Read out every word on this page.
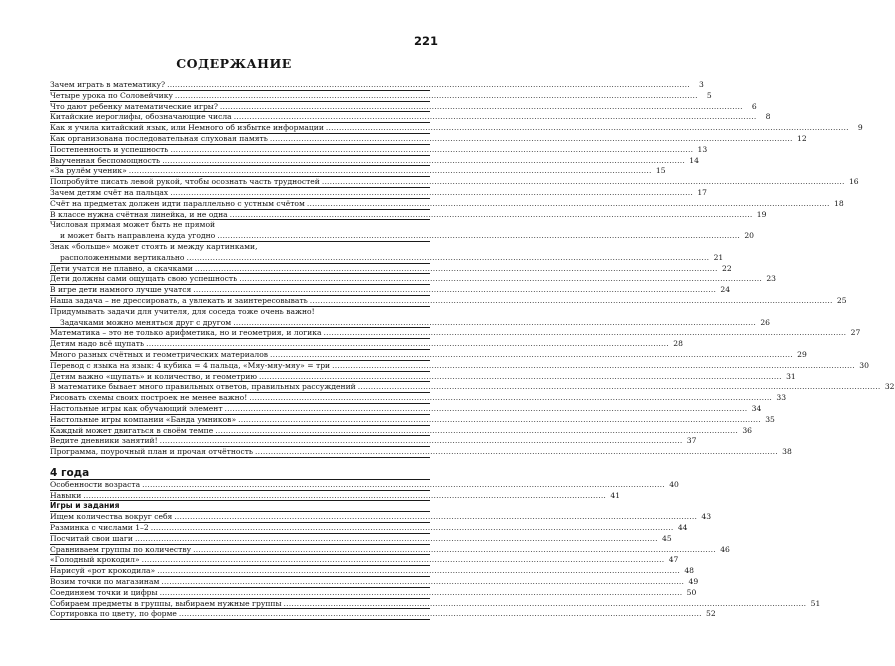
221
СОДЕРЖАНИЕ
Зачем играть в математику? .....	3
Четыре урока по Соловейчику .....	5
Что дают ребенку математические игры? .....	6
Китайские иероглифы, обозначающие числа .....	8
Как я учила китайский язык, или Немного об избытке информации .....	9
Как организована последовательная слуховая память .....	12
Постепенность и успешность .....	13
Выученная беспомощность .....	14
«За рулём ученик» .....	15
Попробуйте писать левой рукой, чтобы осознать часть трудностей .....	16
Зачем детям счёт на пальцах .....	17
Счёт на предметах должен идти параллельно с устным счётом .....	18
В классе нужна счётная линейка, и не одна .....	19
Числовая прямая может быть не прямой
и может быть направлена куда угодно .....	20
Знак «больше» может стоять и между картинками,
расположенными вертикально .....	21
Дети учатся не плавно, а скачками .....	22
Дети должны сами ощущать свою успешность .....	23
В игре дети намного лучше учатся .....	24
Наша задача – не дрессировать, а увлекать и заинтересовывать .....	25
Придумывать задачи для учителя, для соседа тоже очень важно!
Задачками можно меняться друг с другом .....	26
Математика – это не только арифметика, но и геометрия, и логика .....	27
Детям надо всё щупать .....	28
Много разных счётных и геометрических материалов .....	29
Перевод с языка на язык: 4 кубика = 4 пальца, «Мяу-мяу-мяу» = три .....	30
Детям важно «щупать» и количество, и геометрию .....	31
В математике бывает много правильных ответов, правильных рассуждений .....	32
Рисовать схемы своих построек не менее важно! .....	33
Настольные игры как обучающий элемент .....	34
Настольные игры компании «Банда умников» .....	35
Каждый может двигаться в своём темпе .....	36
Ведите дневники занятий! .....	37
Программа, поурочный план и прочая отчётность .....	38
4 года
Особенности возраста .....	40
Навыки .....	41
Игры и задания
Ищем количества вокруг себя .....	43
Разминка с числами 1–2 .....	44
Посчитай свои шаги .....	45
Сравниваем группы по количеству .....	46
«Голодный крокодил» .....	47
Нарисуй «рот крокодила» .....	48
Возим точки по магазинам .....	49
Соединяем точки и цифры .....	50
Собираем предметы в группы, выбираем нужные группы .....	51
Сортировка по цвету, по форме .....	52
